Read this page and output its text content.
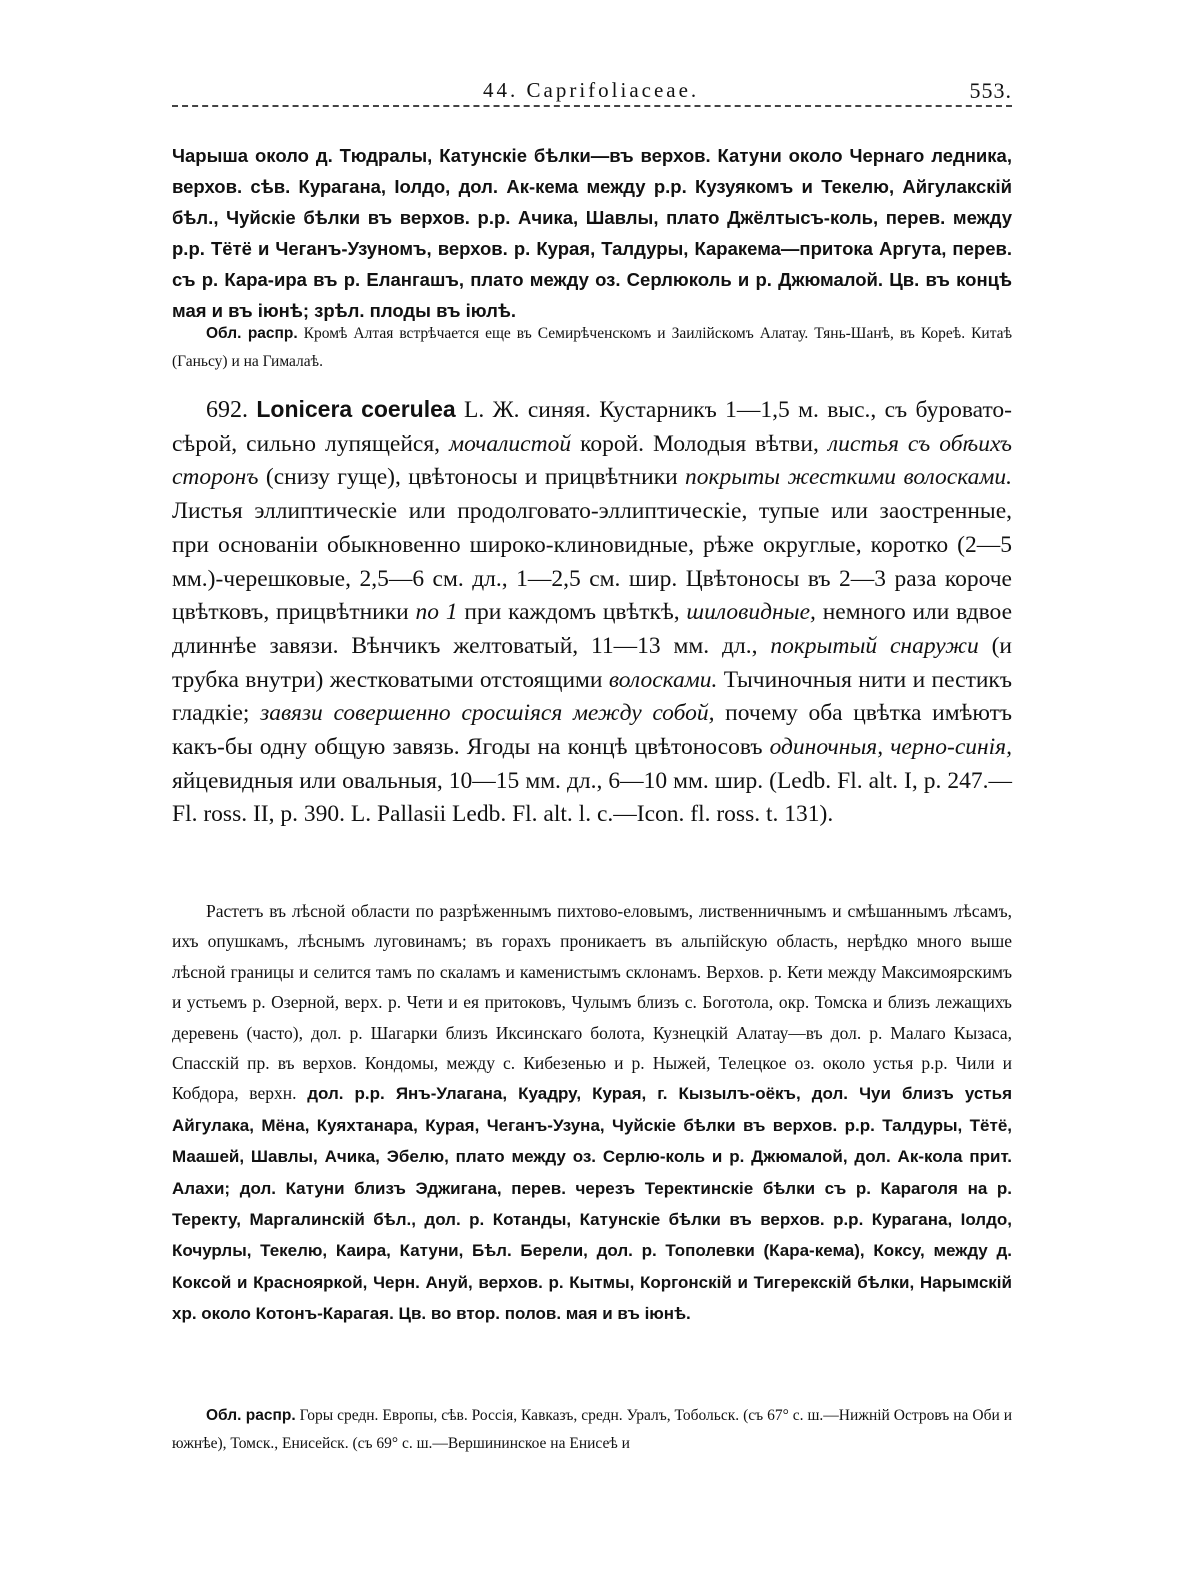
44. Caprifoliaceae.	553.
Чарыша около д. Тюдралы, Катунскіе бѣлки—въ верхов. Катуни около Чернаго ледника, верхов. сѣв. Курагана, Іолдо, дол. Ак-кема между р.р. Кузуякомъ и Текелю, Айгулакскій бѣл., Чуйскіе бѣлки въ верхов. р.р. Ачика, Шавлы, плато Джёлтысъ-коль, перев. между р.р. Тётё и Чеганъ-Узуномъ, верхов. р. Курая, Талдуры, Каракема—притока Аргута, перев. съ р. Кара-ира въ р. Елангашъ, плато между оз. Серлюколь и р. Джюмалой. Цв. въ концѣ мая и въ іюнѣ; зрѣл. плоды въ іюлѣ.
Обл. распр. Кромѣ Алтая встрѣчается еще въ Семирѣченскомъ и Заилійскомъ Алатау. Тянь-Шанѣ, въ Кореѣ. Китаѣ (Ганьсу) и на Гималаѣ.
692. Lonicera coerulea L. Ж. синяя. Кустарникъ 1—1,5 м. выс., съ буровато-сѣрой, сильно лупящейся, мочалистой корой. Молодыя вѣтви, листья съ обѣихъ сторонъ (снизу гуще), цвѣтоносы и прицвѣтники покрыты жесткими волосками. Листья эллиптическіе или продолговато-эллиптическіе, тупые или заостренные, при основаніи обыкновенно широко-клиновидные, рѣже округлые, коротко (2—5 мм.)-черешковые, 2,5—6 см. дл., 1—2,5 см. шир. Цвѣтоносы въ 2—3 раза короче цвѣтковъ, прицвѣтники по 1 при каждомъ цвѣткѣ, шиловидные, немного или вдвое длиннѣе завязи. Вѣнчикъ желтоватый, 11—13 мм. дл., покрытый снаружи (и трубка внутри) жестковатыми отстоящими волосками. Тычиночныя нити и пестикъ гладкіе; завязи совершенно сросшіяся между собой, почему оба цвѣтка имѣютъ какъ-бы одну общую завязь. Ягоды на концѣ цвѣтоносовъ одиночныя, черно-синія, яйцевидныя или овальныя, 10—15 мм. дл., 6—10 мм. шир. (Ledb. Fl. alt. I, p. 247.—Fl. ross. II, p. 390. L. Pallasii Ledb. Fl. alt. l. c.—Icon. fl. ross. t. 131).
Растетъ въ лѣсной области по разрѣженнымъ пихтово-еловымъ, лиственничнымъ и смѣшаннымъ лѣсамъ, ихъ опушкамъ, лѣснымъ луговинамъ; въ горахъ проникаетъ въ альпійскую область, нерѣдко много выше лѣсной границы и селится тамъ по скаламъ и каменистымъ склонамъ. Верхов. р. Кети между Максимоярскимъ и устьемъ р. Озерной, верх. р. Чети и ея притоковъ, Чулымъ близъ с. Боготола, окр. Томска и близъ лежащихъ деревень (часто), дол. р. Шагарки близъ Иксинскаго болота, Кузнецкій Алатау—въ дол. р. Малаго Кызаса, Спасскій пр. въ верхов. Кондомы, между с. Кибезенью и р. Ныжей, Телецкое оз. около устья р.р. Чили и Кобдора, верхн. дол. р.р. Янъ-Улагана, Куадру, Курая, г. Кызылъ-оёкъ, дол. Чуи близъ устья Айгулака, Мёна, Куяхтанара, Курая, Чеганъ-Узуна, Чуйскіе бѣлки въ верхов. р.р. Талдуры, Тётё, Маашей, Шавлы, Ачика, Эбелю, плато между оз. Серлю-коль и р. Джюмалой, дол. Ак-кола прит. Алахи; дол. Катуни близъ Эджигана, перев. черезъ Теректинскіе бѣлки съ р. Караголя на р. Теректу, Маргалинскій бѣл., дол. р. Котанды, Катунскіе бѣлки въ верхов. р.р. Курагана, Іолдо, Кочурлы, Текелю, Каира, Катуни, Бѣл. Берели, дол. р. Тополевки (Кара-кема), Коксу, между д. Коксой и Краснояркой, Черн. Ануй, верхов. р. Кытмы, Коргонскій и Тигерекскій бѣлки, Нарымскій хр. около Котонъ-Карагая. Цв. во втор. полов. мая и въ іюнѣ.
Обл. распр. Горы средн. Европы, сѣв. Россія, Кавказъ, средн. Уралъ, Тобольск. (съ 67° с. ш.—Нижній Островъ на Оби и южнѣе), Томск., Енисейск. (съ 69° с. ш.—Вершининское на Енисеѣ и
